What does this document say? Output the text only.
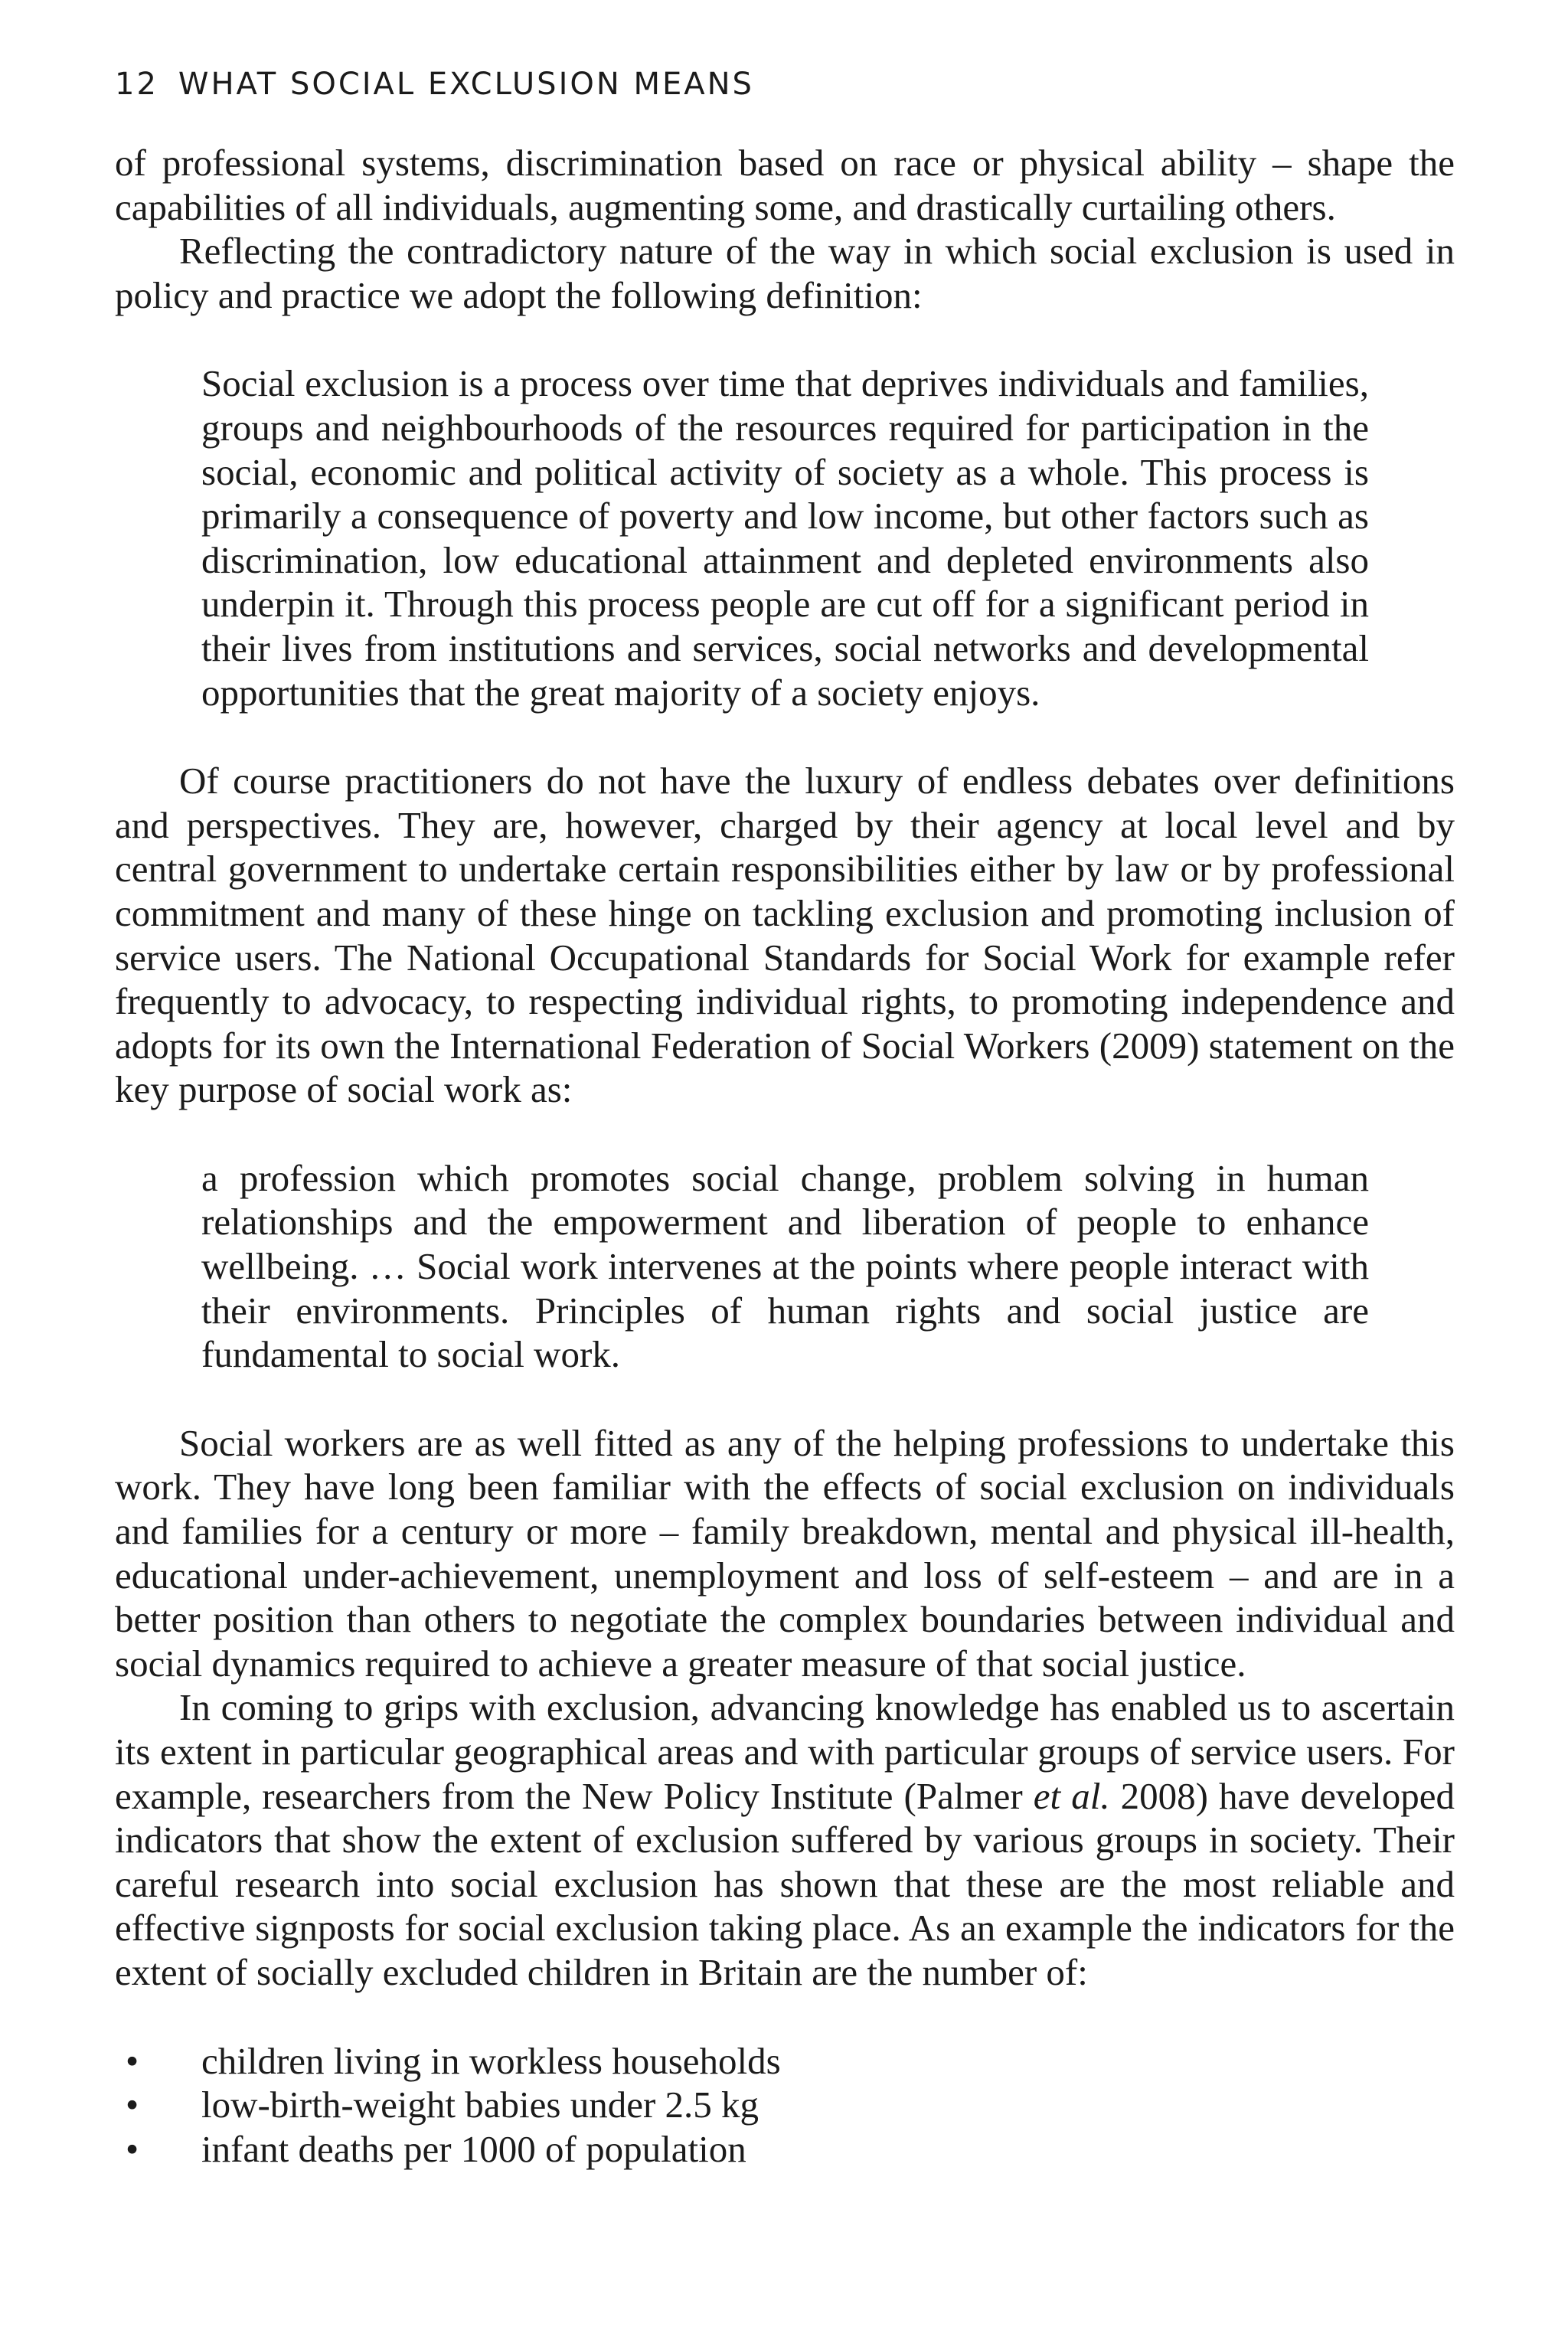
12 WHAT SOCIAL EXCLUSION MEANS

of professional systems, discrimination based on race or physical ability – shape the capabilities of all individuals, augmenting some, and drastically curtailing others.

Reflecting the contradictory nature of the way in which social exclusion is used in policy and practice we adopt the following definition:

Social exclusion is a process over time that deprives individuals and families, groups and neighbourhoods of the resources required for participation in the social, economic and political activity of society as a whole. This process is primarily a consequence of poverty and low income, but other factors such as discrimination, low educational attainment and depleted environments also underpin it. Through this process people are cut off for a significant period in their lives from institutions and services, social networks and developmental opportunities that the great majority of a society enjoys.

Of course practitioners do not have the luxury of endless debates over definitions and perspectives. They are, however, charged by their agency at local level and by central government to undertake certain responsibilities either by law or by professional commitment and many of these hinge on tackling exclusion and promoting inclusion of service users. The National Occupational Standards for Social Work for example refer frequently to advocacy, to respecting individual rights, to promoting independence and adopts for its own the International Federation of Social Workers (2009) statement on the key purpose of social work as:

a profession which promotes social change, problem solving in human relationships and the empowerment and liberation of people to enhance wellbeing. … Social work intervenes at the points where people interact with their environments. Principles of human rights and social justice are fundamental to social work.

Social workers are as well fitted as any of the helping professions to undertake this work. They have long been familiar with the effects of social exclusion on individuals and families for a century or more – family breakdown, mental and physical ill-health, educational under-achievement, unemployment and loss of self-esteem – and are in a better position than others to negotiate the complex boundaries between individual and social dynamics required to achieve a greater measure of that social justice.

In coming to grips with exclusion, advancing knowledge has enabled us to ascertain its extent in particular geographical areas and with particular groups of service users. For example, researchers from the New Policy Institute (Palmer et al. 2008) have developed indicators that show the extent of exclusion suffered by various groups in society. Their careful research into social exclusion has shown that these are the most reliable and effective signposts for social exclusion taking place. As an example the indicators for the extent of socially excluded children in Britain are the number of:

• children living in workless households
• low-birth-weight babies under 2.5 kg
• infant deaths per 1000 of population
